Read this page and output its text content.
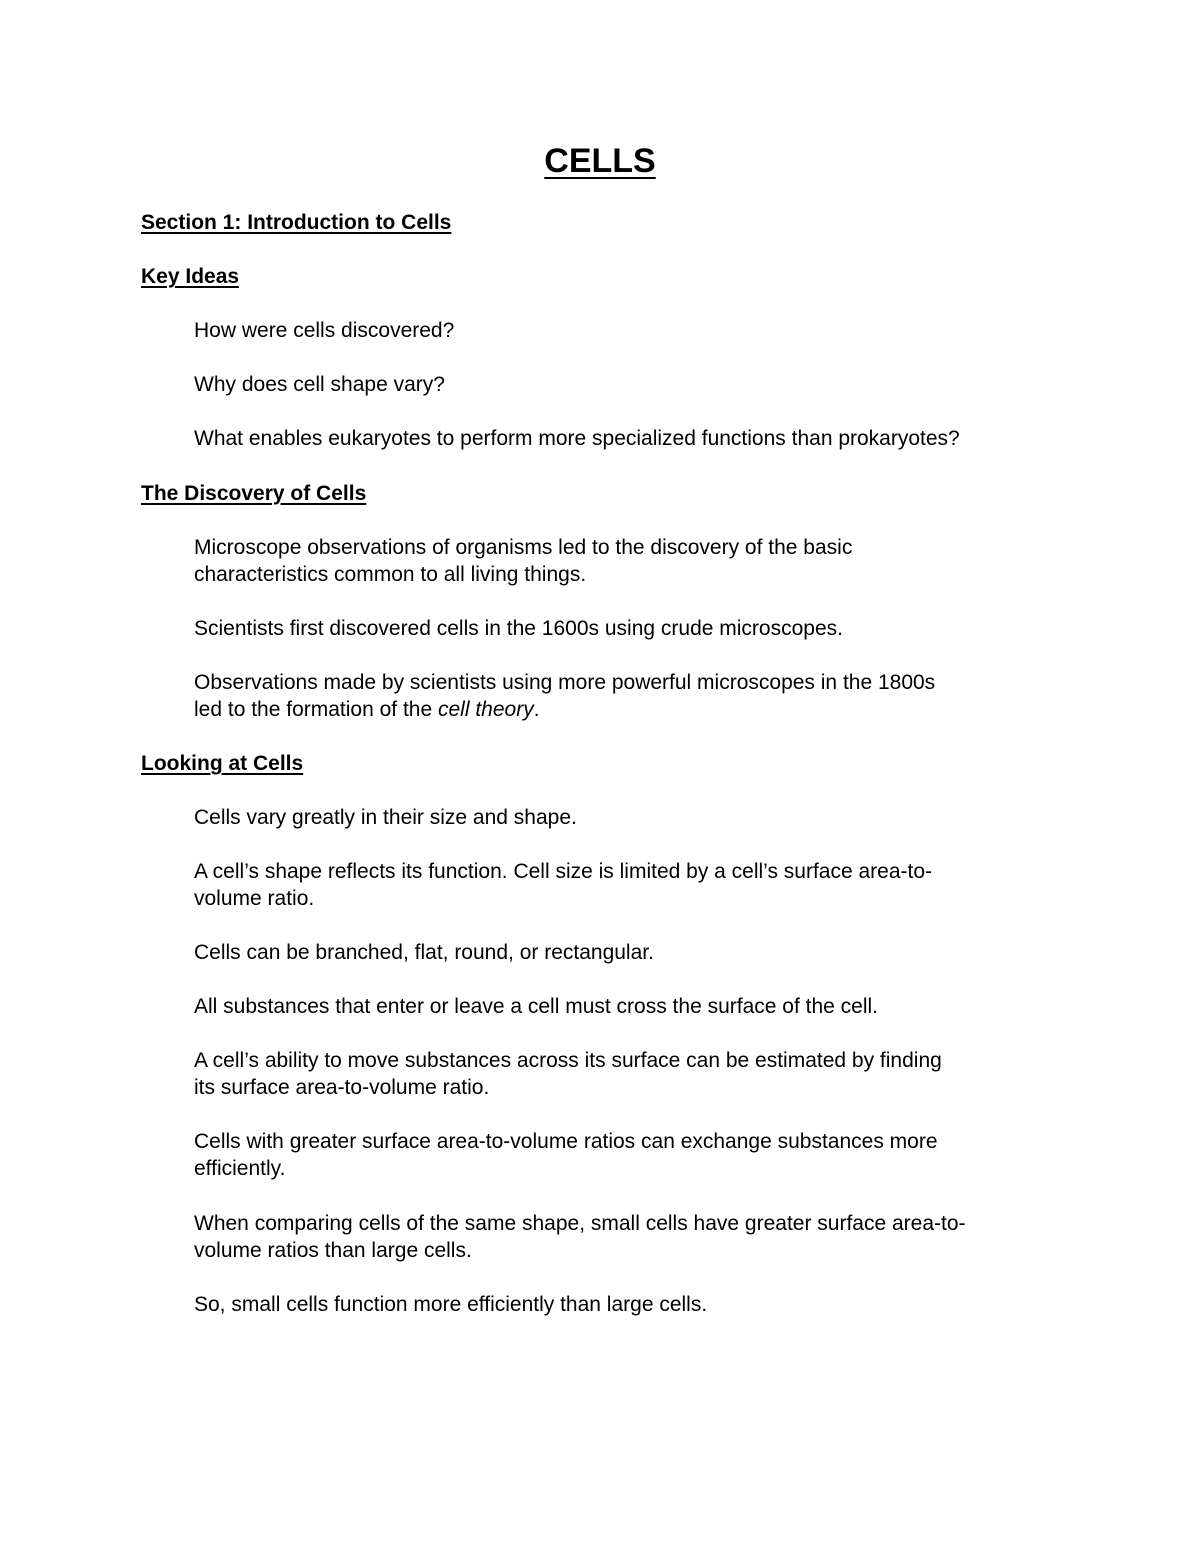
CELLS
Section 1: Introduction to Cells
Key Ideas
How were cells discovered?
Why does cell shape vary?
What enables eukaryotes to perform more specialized functions than prokaryotes?
The Discovery of Cells
Microscope observations of organisms led to the discovery of the basic
characteristics common to all living things.
Scientists first discovered cells in the 1600s using crude microscopes.
Observations made by scientists using more powerful microscopes in the 1800s
led to the formation of the cell theory.
Looking at Cells
Cells vary greatly in their size and shape.
A cell’s shape reflects its function. Cell size is limited by a cell’s surface area-to-
volume ratio.
Cells can be branched, flat, round, or rectangular.
All substances that enter or leave a cell must cross the surface of the cell.
A cell’s ability to move substances across its surface can be estimated by finding
its surface area-to-volume ratio.
Cells with greater surface area-to-volume ratios can exchange substances more
efficiently.
When comparing cells of the same shape, small cells have greater surface area-to-
volume ratios than large cells.
So, small cells function more efficiently than large cells.
